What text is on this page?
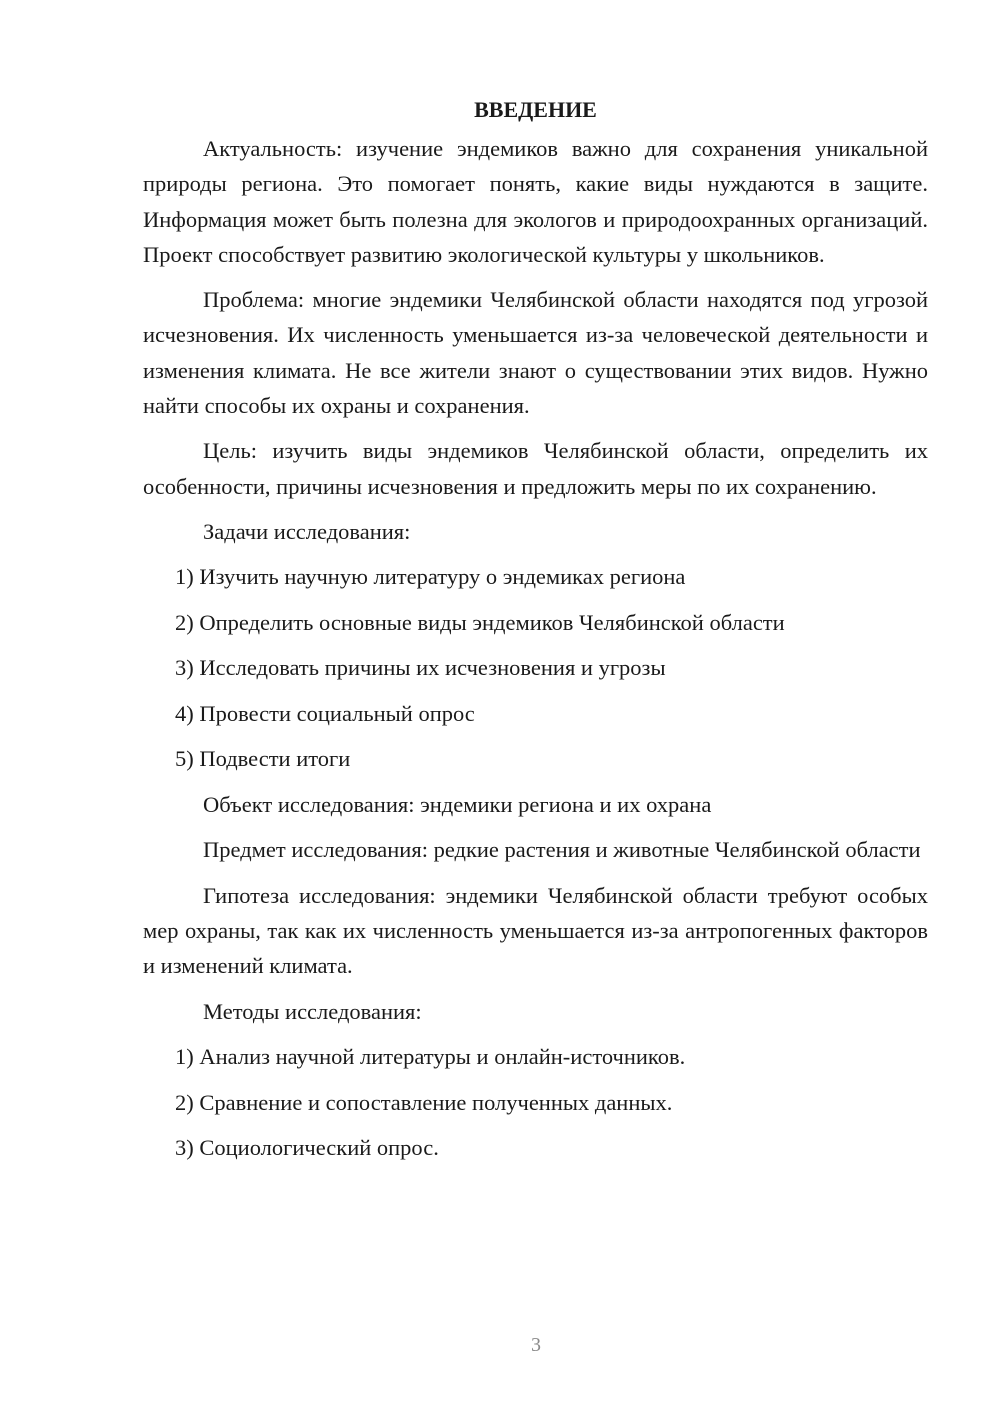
ВВЕДЕНИЕ

Актуальность: изучение эндемиков важно для сохранения уникальной природы региона. Это помогает понять, какие виды нуждаются в защите. Информация может быть полезна для экологов и природоохранных организаций. Проект способствует развитию экологической культуры у школьников.

Проблема: многие эндемики Челябинской области находятся под угрозой исчезновения. Их численность уменьшается из-за человеческой деятельности и изменения климата. Не все жители знают о существовании этих видов. Нужно найти способы их охраны и сохранения.

Цель: изучить виды эндемиков Челябинской области, определить их особенности, причины исчезновения и предложить меры по их сохранению.

Задачи исследования:

1) Изучить научную литературу о эндемиках региона
2) Определить основные виды эндемиков Челябинской области
3) Исследовать причины их исчезновения и угрозы
4) Провести социальный опрос
5) Подвести итоги

Объект исследования: эндемики региона и их охрана

Предмет исследования: редкие растения и животные Челябинской области

Гипотеза исследования: эндемики Челябинской области требуют особых мер охраны, так как их численность уменьшается из-за антропогенных факторов и изменений климата.

Методы исследования:

1) Анализ научной литературы и онлайн-источников.
2) Сравнение и сопоставление полученных данных.
3) Социологический опрос.
3
